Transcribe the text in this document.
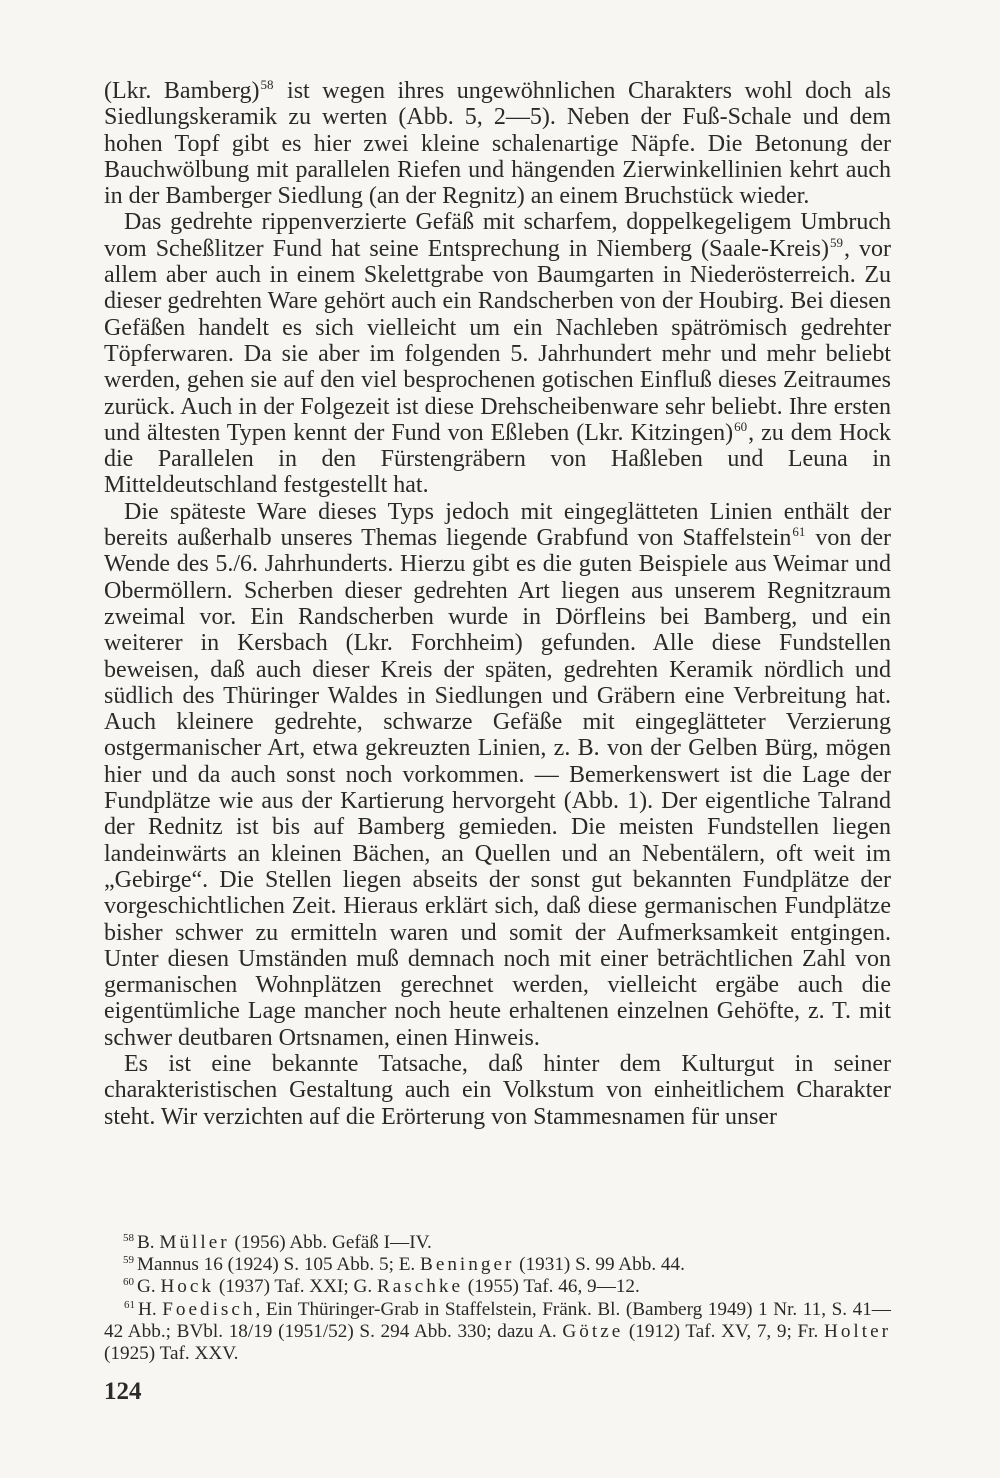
(Lkr. Bamberg)$^{58}$ ist wegen ihres ungewöhnlichen Charakters wohl doch als Siedlungskeramik zu werten (Abb. 5, 2—5). Neben der Fuß-Schale und dem hohen Topf gibt es hier zwei kleine schalenartige Näpfe. Die Betonung der Bauchwölbung mit parallelen Riefen und hängenden Zierwinkellinien kehrt auch in der Bamberger Siedlung (an der Regnitz) an einem Bruchstück wieder.

Das gedrehte rippenverzierte Gefäß mit scharfem, doppelkegeligem Umbruch vom Scheßlitzer Fund hat seine Entsprechung in Niemberg (Saale-Kreis)$^{59}$, vor allem aber auch in einem Skelettgrabe von Baumgarten in Niederösterreich. Zu dieser gedrehten Ware gehört auch ein Randscherben von der Houbirg. Bei diesen Gefäßen handelt es sich vielleicht um ein Nachleben spätrömisch gedrehter Töpferwaren. Da sie aber im folgenden 5. Jahrhundert mehr und mehr beliebt werden, gehen sie auf den viel besprochenen gotischen Einfluß dieses Zeitraumes zurück. Auch in der Folgezeit ist diese Drehscheibenware sehr beliebt. Ihre ersten und ältesten Typen kennt der Fund von Eßleben (Lkr. Kitzingen)$^{60}$, zu dem Hock die Parallelen in den Fürstengräbern von Haßleben und Leuna in Mitteldeutschland festgestellt hat.

Die späteste Ware dieses Typs jedoch mit eingeglätteten Linien enthält der bereits außerhalb unseres Themas liegende Grabfund von Staffelstein$^{61}$ von der Wende des 5./6. Jahrhunderts. Hierzu gibt es die guten Beispiele aus Weimar und Obermöllern. Scherben dieser gedrehten Art liegen aus unserem Regnitzraum zweimal vor. Ein Randscherben wurde in Dörfleins bei Bamberg, und ein weiterer in Kersbach (Lkr. Forchheim) gefunden. Alle diese Fundstellen beweisen, daß auch dieser Kreis der späten, gedrehten Keramik nördlich und südlich des Thüringer Waldes in Siedlungen und Gräbern eine Verbreitung hat. Auch kleinere gedrehte, schwarze Gefäße mit eingeglätteter Verzierung ostgermanischer Art, etwa gekreuzten Linien, z. B. von der Gelben Bürg, mögen hier und da auch sonst noch vorkommen. — Bemerkenswert ist die Lage der Fundplätze wie aus der Kartierung hervorgeht (Abb. 1). Der eigentliche Talrand der Rednitz ist bis auf Bamberg gemieden. Die meisten Fundstellen liegen landeinwärts an kleinen Bächen, an Quellen und an Nebentälern, oft weit im „Gebirge“. Die Stellen liegen abseits der sonst gut bekannten Fundplätze der vorgeschichtlichen Zeit. Hieraus erklärt sich, daß diese germanischen Fundplätze bisher schwer zu ermitteln waren und somit der Aufmerksamkeit entgingen. Unter diesen Umständen muß demnach noch mit einer beträchtlichen Zahl von germanischen Wohnplätzen gerechnet werden, vielleicht ergäbe auch die eigentümliche Lage mancher noch heute erhaltenen einzelnen Gehöfte, z. T. mit schwer deutbaren Ortsnamen, einen Hinweis.

Es ist eine bekannte Tatsache, daß hinter dem Kulturgut in seiner charakteristischen Gestaltung auch ein Volkstum von einheitlichem Charakter steht. Wir verzichten auf die Erörterung von Stammesnamen für unser

$^{58}$ B. Müller (1956) Abb. Gefäß I—IV.

$^{59}$ Mannus 16 (1924) S. 105 Abb. 5; E. Beninger (1931) S. 99 Abb. 44.

$^{60}$ G. Hock (1937) Taf. XXI; G. Raschke (1955) Taf. 46, 9—12.

$^{61}$ H. Foedisch, Ein Thüringer-Grab in Staffelstein, Fränk. Bl. (Bamberg 1949) 1 Nr. 11, S. 41—42 Abb.; BVbl. 18/19 (1951/52) S. 294 Abb. 330; dazu A. Götze (1912) Taf. XV, 7, 9; Fr. Holter (1925) Taf. XXV.

124
